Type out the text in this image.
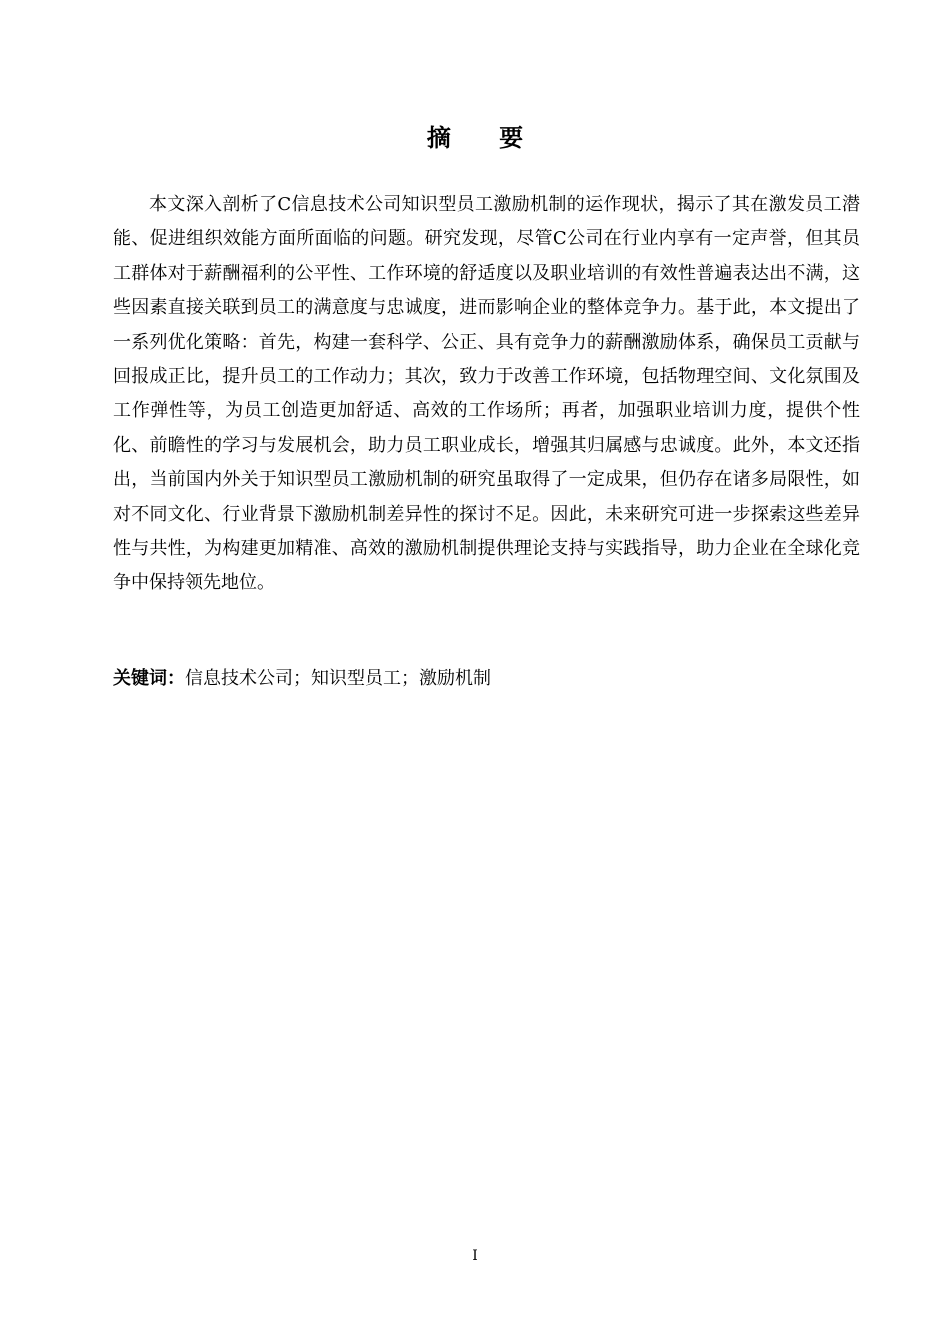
摘 要

本文深入剖析了C信息技术公司知识型员工激励机制的运作现状，揭示了其在激发员工潜能、促进组织效能方面所面临的问题。研究发现，尽管C公司在行业内享有一定声誉，但其员工群体对于薪酬福利的公平性、工作环境的舒适度以及职业培训的有效性普遍表达出不满，这些因素直接关联到员工的满意度与忠诚度，进而影响企业的整体竞争力。基于此，本文提出了一系列优化策略：首先，构建一套科学、公正、具有竞争力的薪酬激励体系，确保员工贡献与回报成正比，提升员工的工作动力；其次，致力于改善工作环境，包括物理空间、文化氛围及工作弹性等，为员工创造更加舒适、高效的工作场所；再者，加强职业培训力度，提供个性化、前瞻性的学习与发展机会，助力员工职业成长，增强其归属感与忠诚度。此外，本文还指出，当前国内外关于知识型员工激励机制的研究虽取得了一定成果，但仍存在诸多局限性，如对不同文化、行业背景下激励机制差异性的探讨不足。因此，未来研究可进一步探索这些差异性与共性，为构建更加精准、高效的激励机制提供理论支持与实践指导，助力企业在全球化竞争中保持领先地位。

关键词：信息技术公司；知识型员工；激励机制

I
